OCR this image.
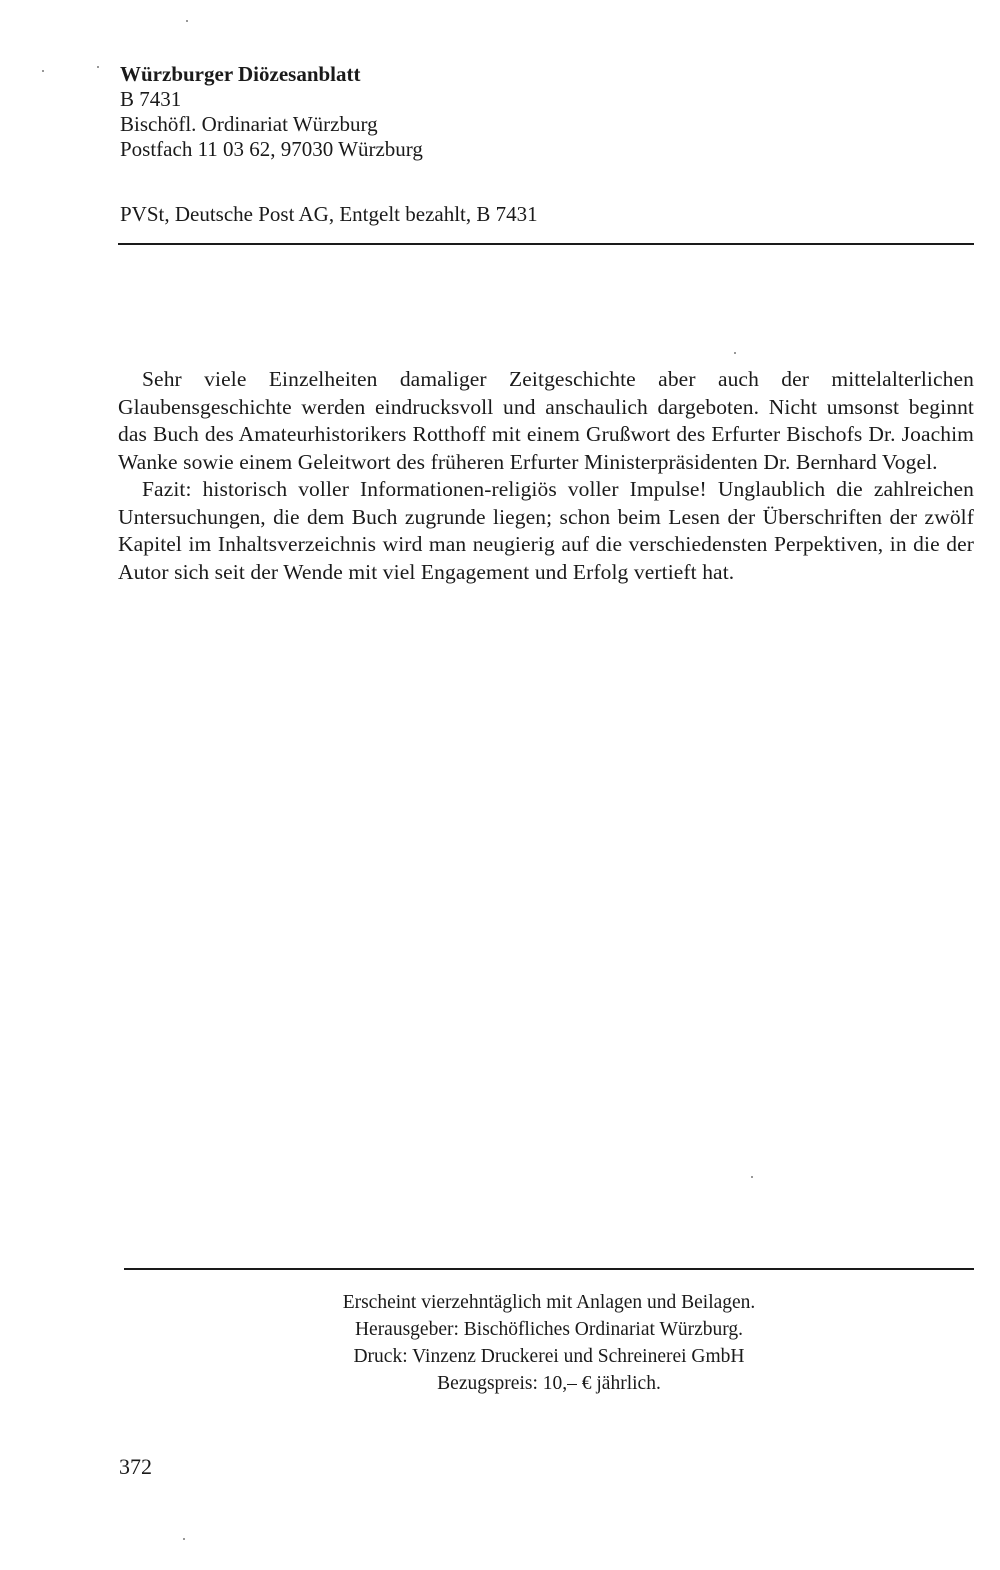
Würzburger Diözesanblatt
B 7431
Bischöfl. Ordinariat Würzburg
Postfach 11 03 62, 97030 Würzburg
PVSt, Deutsche Post AG, Entgelt bezahlt, B 7431

Sehr viele Einzelheiten damaliger Zeitgeschichte aber auch der mittelalterlichen Glaubensgeschichte werden eindrucksvoll und anschaulich dargeboten. Nicht umsonst beginnt das Buch des Amateurhistorikers Rotthoff mit einem Grußwort des Erfurter Bischofs Dr. Joachim Wanke sowie einem Geleitwort des früheren Erfurter Ministerpräsidenten Dr. Bernhard Vogel.

Fazit: historisch voller Informationen-religiös voller Impulse! Unglaublich die zahlreichen Untersuchungen, die dem Buch zugrunde liegen; schon beim Lesen der Überschriften der zwölf Kapitel im Inhaltsverzeichnis wird man neugierig auf die verschiedensten Perpektiven, in die der Autor sich seit der Wende mit viel Engagement und Erfolg vertieft hat.

Erscheint vierzehntäglich mit Anlagen und Beilagen.
Herausgeber: Bischöfliches Ordinariat Würzburg.
Druck: Vinzenz Druckerei und Schreinerei GmbH
Bezugspreis: 10,– € jährlich.
372
